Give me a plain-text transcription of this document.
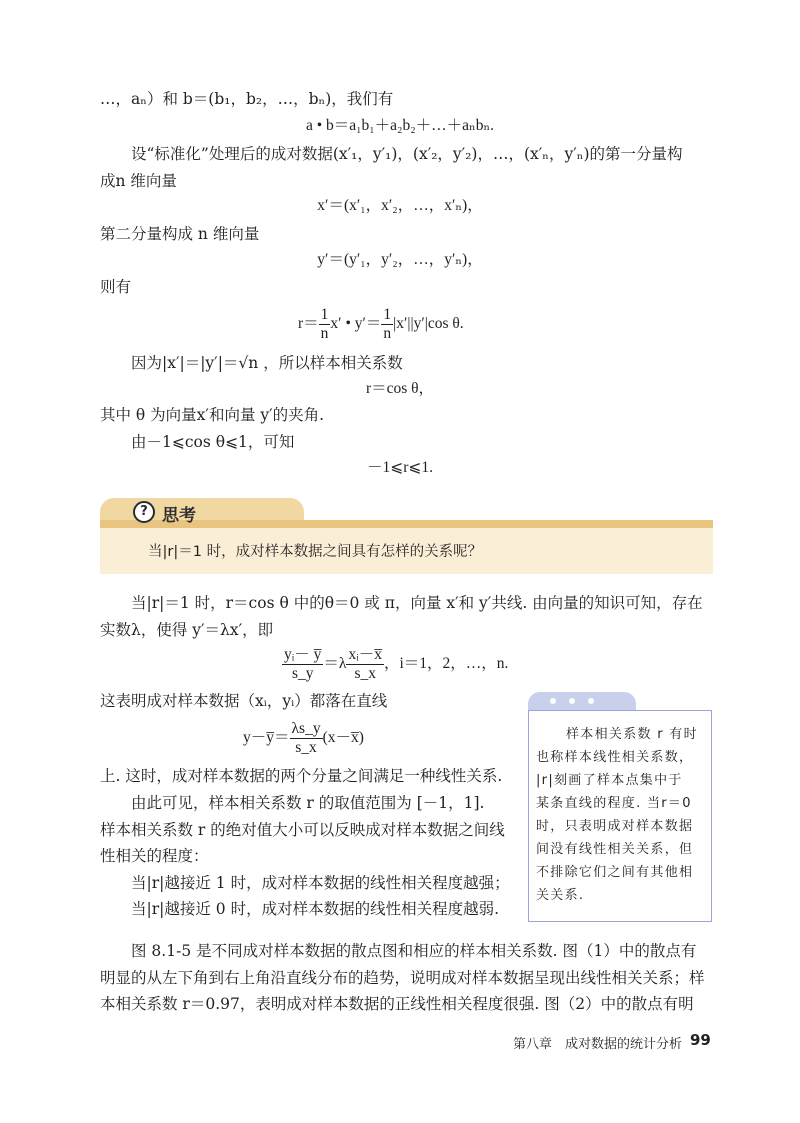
…，aₙ）和 b＝(b₁，b₂，…，bₙ)，我们有
a • b＝a₁b₁＋a₂b₂＋…＋aₙbₙ.
设“标准化”处理后的成对数据(x′₁，y′₁)，(x′₂，y′₂)，…，(x′ₙ，y′ₙ)的第一分量构
成n 维向量
x′＝(x′₁，x′₂，…，x′ₙ)，
第二分量构成 n 维向量
y′＝(y′₁，y′₂，…，y′ₙ)，
则有
$r= \frac{1}{n} x'$ • $y'= \frac{1}{n} |x'||y'|\cos$ θ.
因为|x′|＝|y′|＝√n ，所以样本相关系数
r＝cos θ，
其中 θ 为向量x′和向量 y′的夹角.
由－1⩽cos θ⩽1，可知
－1⩽r⩽1.
? 思考
当|r|＝1 时，成对样本数据之间具有怎样的关系呢？
当|r|＝1 时，r＝cos θ 中的θ＝0 或 π，向量 x′和 y′共线. 由向量的知识可知，存在
实数λ，使得 y′＝λx′，即
$\frac{\text{yᵢ－ y̅}}{s\_y} =\lambda \frac{\text{xᵢ－x̅}}{s\_x}$ ，i＝1，2，…，n.
这表明成对样本数据（xᵢ，yᵢ）都落在直线
y－y̅＝ $\frac{\lambda s\_y}{s\_x}$ (x－x̅)
上. 这时，成对样本数据的两个分量之间满足一种线性关系.
由此可见，样本相关系数 r 的取值范围为 [－1，1].
样本相关系数 r 的绝对值大小可以反映成对样本数据之间线
性相关的程度：
当|r|越接近 1 时，成对样本数据的线性相关程度越强；
当|r|越接近 0 时，成对样本数据的线性相关程度越弱.
样本相关系数 r 有时
也称样本线性相关系数，
|r|刻画了样本点集中于
某条直线的程度. 当r＝0
时，只表明成对样本数据
间没有线性相关关系，但
不排除它们之间有其他相
关关系.
图 8.1-5 是不同成对样本数据的散点图和相应的样本相关系数. 图（1）中的散点有
明显的从左下角到右上角沿直线分布的趋势，说明成对样本数据呈现出线性相关关系；样
本相关系数 r＝0.97，表明成对样本数据的正线性相关程度很强. 图（2）中的散点有明
第八章　成对数据的统计分析 99
